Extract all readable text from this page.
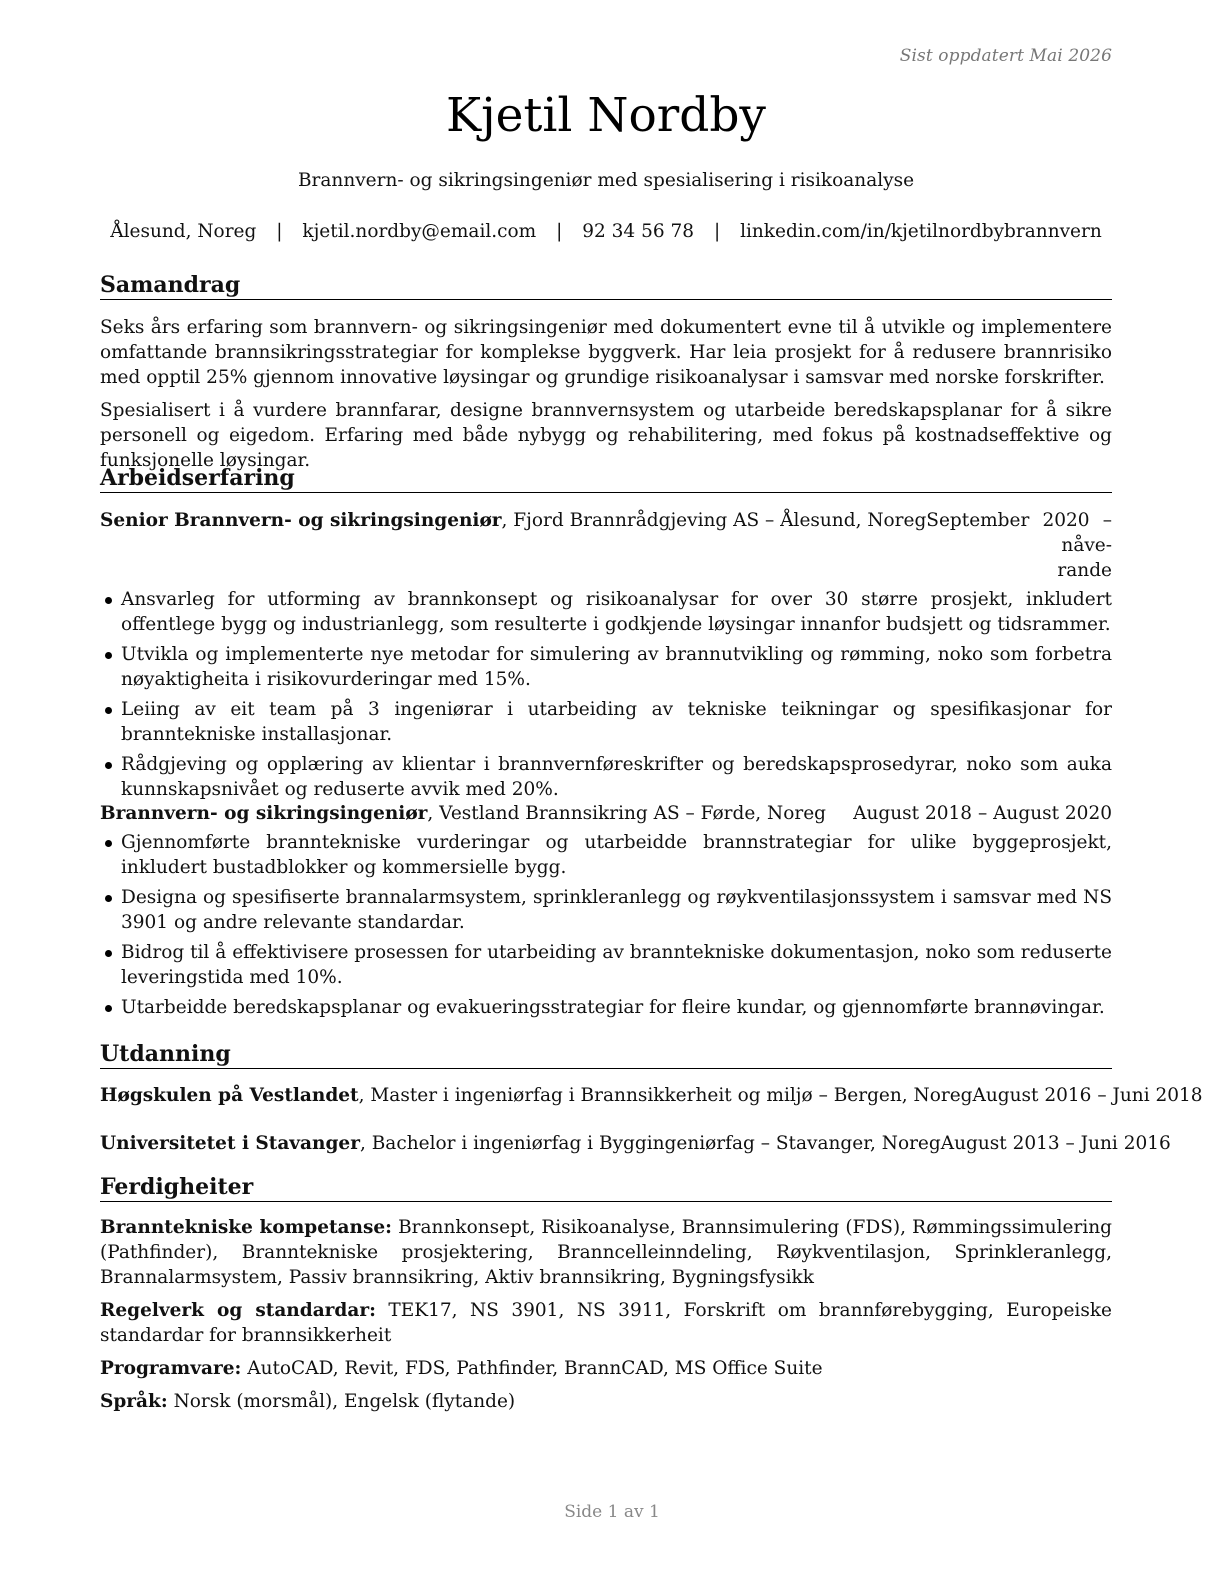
Sist oppdatert Mai 2026
Kjetil Nordby
Brannvern- og sikringsingeniør med spesialisering i risikoanalyse
Ålesund, Noreg | kjetil.nordby@email.com | 92 34 56 78 | linkedin.com/in/kjetilnordbybrannvern
Samandrag

Seks års erfaring som brannvern- og sikringsingeniør med dokumentert evne til å utvikle og implementere omfattande brannsikringsstrategiar for komplekse byggverk. Har leia prosjekt for å redusere brannrisiko med opptil 25% gjennom innovative løysingar og grundige risikoanalysar i samsvar med norske forskrifter.

Spesialisert i å vurdere brannfarar, designe brannvernsystem og utarbeide beredskapsplanar for å sikre personell og eigedom. Erfaring med både nybygg og rehabilitering, med fokus på kostnadseffektive og funksjonelle løysingar.

Arbeidserfaring
Senior Brannvern- og sikringsingeniør, Fjord Brannrådgjeving AS – Ålesund, Noreg September  2020  –  nåve-
rande
Ansvarleg for utforming av brannkonsept og risikoanalysar for over 30 større prosjekt, inkludert offentlege bygg og industrianlegg, som resulterte i godkjende løysingar innanfor budsjett og tidsrammer.
Utvikla og implementerte nye metodar for simulering av brannutvikling og rømming, noko som forbetra nøyaktigheita i risikovurderingar med 15%.
Leiing av eit team på 3 ingeniørar i utarbeiding av tekniske teikningar og spesifikasjonar for branntekniske installasjonar.
Rådgjeving og opplæring av klientar i brannvernføreskrifter og beredskapsprosedyrar, noko som auka kunnskapsnivået og reduserte avvik med 20%.
Brannvern- og sikringsingeniør, Vestland Brannsikring AS – Førde, Noreg August 2018 – August 2020
Gjennomførte branntekniske vurderingar og utarbeidde brannstrategiar for ulike byggeprosjekt, inkludert bustadblokker og kommersielle bygg.
Designa og spesifiserte brannalarmsystem, sprinkleranlegg og røykventilasjonssystem i samsvar med NS 3901 og andre relevante standardar.
Bidrog til å effektivisere prosessen for utarbeiding av branntekniske dokumentasjon, noko som reduserte leveringstida med 10%.
Utarbeidde beredskapsplanar og evakueringsstrategiar for fleire kundar, og gjennomførte brannøvingar.
Utdanning
Høgskulen på Vestlandet, Master i ingeniørfag i Brannsikkerheit og miljø – Bergen, Noreg August 2016 – Juni 2018
Universitetet i Stavanger, Bachelor i ingeniørfag i Byggingeniørfag – Stavanger, Noreg August 2013 – Juni 2016
Ferdigheiter
Branntekniske kompetanse: Brannkonsept, Risikoanalyse, Brannsimulering (FDS), Rømmingssimulering (Pathfinder), Branntekniske prosjektering, Branncelleinndeling, Røykventilasjon, Sprinkleranlegg, Brannalarmsystem, Passiv brannsikring, Aktiv brannsikring, Bygningsfysikk
Regelverk og standardar: TEK17, NS 3901, NS 3911, Forskrift om brannførebygging, Europeiske standardar for brannsikkerheit
Programvare: AutoCAD, Revit, FDS, Pathfinder, BrannCAD, MS Office Suite
Språk: Norsk (morsmål), Engelsk (flytande)
Side 1 av 1
